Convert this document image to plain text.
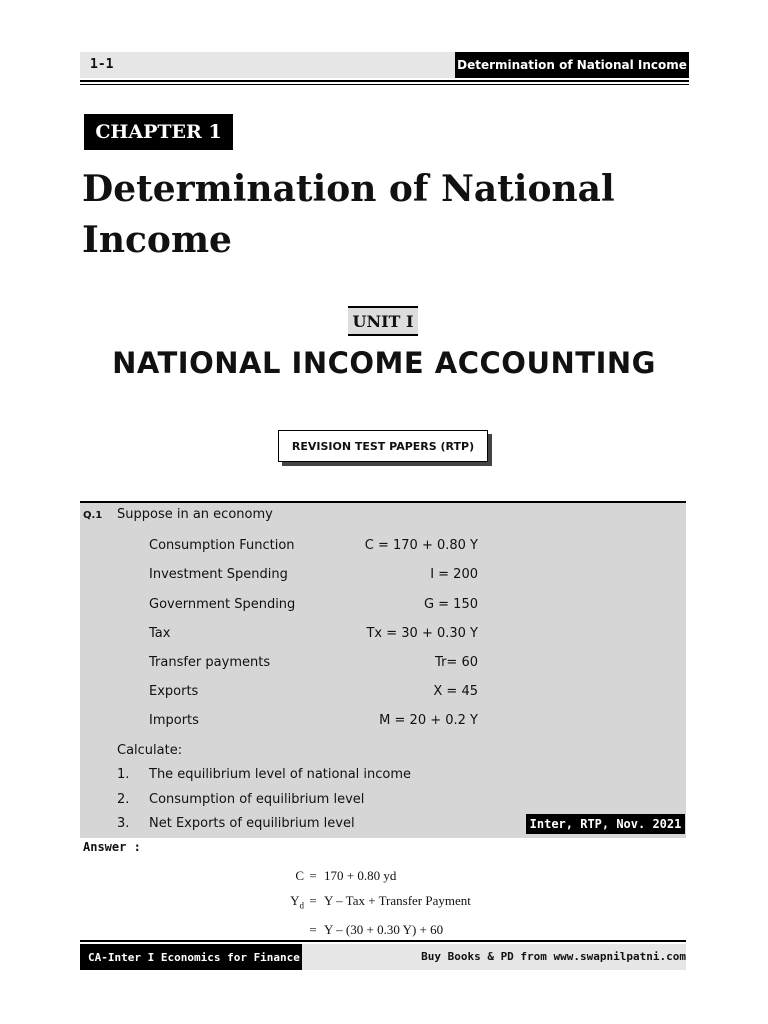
1-1	Determination of National Income
CHAPTER 1
Determination of National Income
UNIT I
NATIONAL INCOME ACCOUNTING
REVISION TEST PAPERS (RTP)
Q.1 Suppose in an economy
Consumption Function	C = 170 + 0.80 Y
Investment Spending	I = 200
Government Spending	G = 150
Tax	Tx = 30 + 0.30 Y
Transfer payments	Tr= 60
Exports	X = 45
Imports	M = 20 + 0.2 Y
Calculate:
1. The equilibrium level of national income
2. Consumption of equilibrium level
3. Net Exports of equilibrium level	Inter, RTP, Nov. 2021
Answer :
C = 170 + 0.80 yd
$Y_d = Y$ – Tax + Transfer Payment
= Y – (30 + 0.30 Y) + 60
CA-Inter I Economics for Finance	Buy Books & PD from www.swapnilpatni.com
